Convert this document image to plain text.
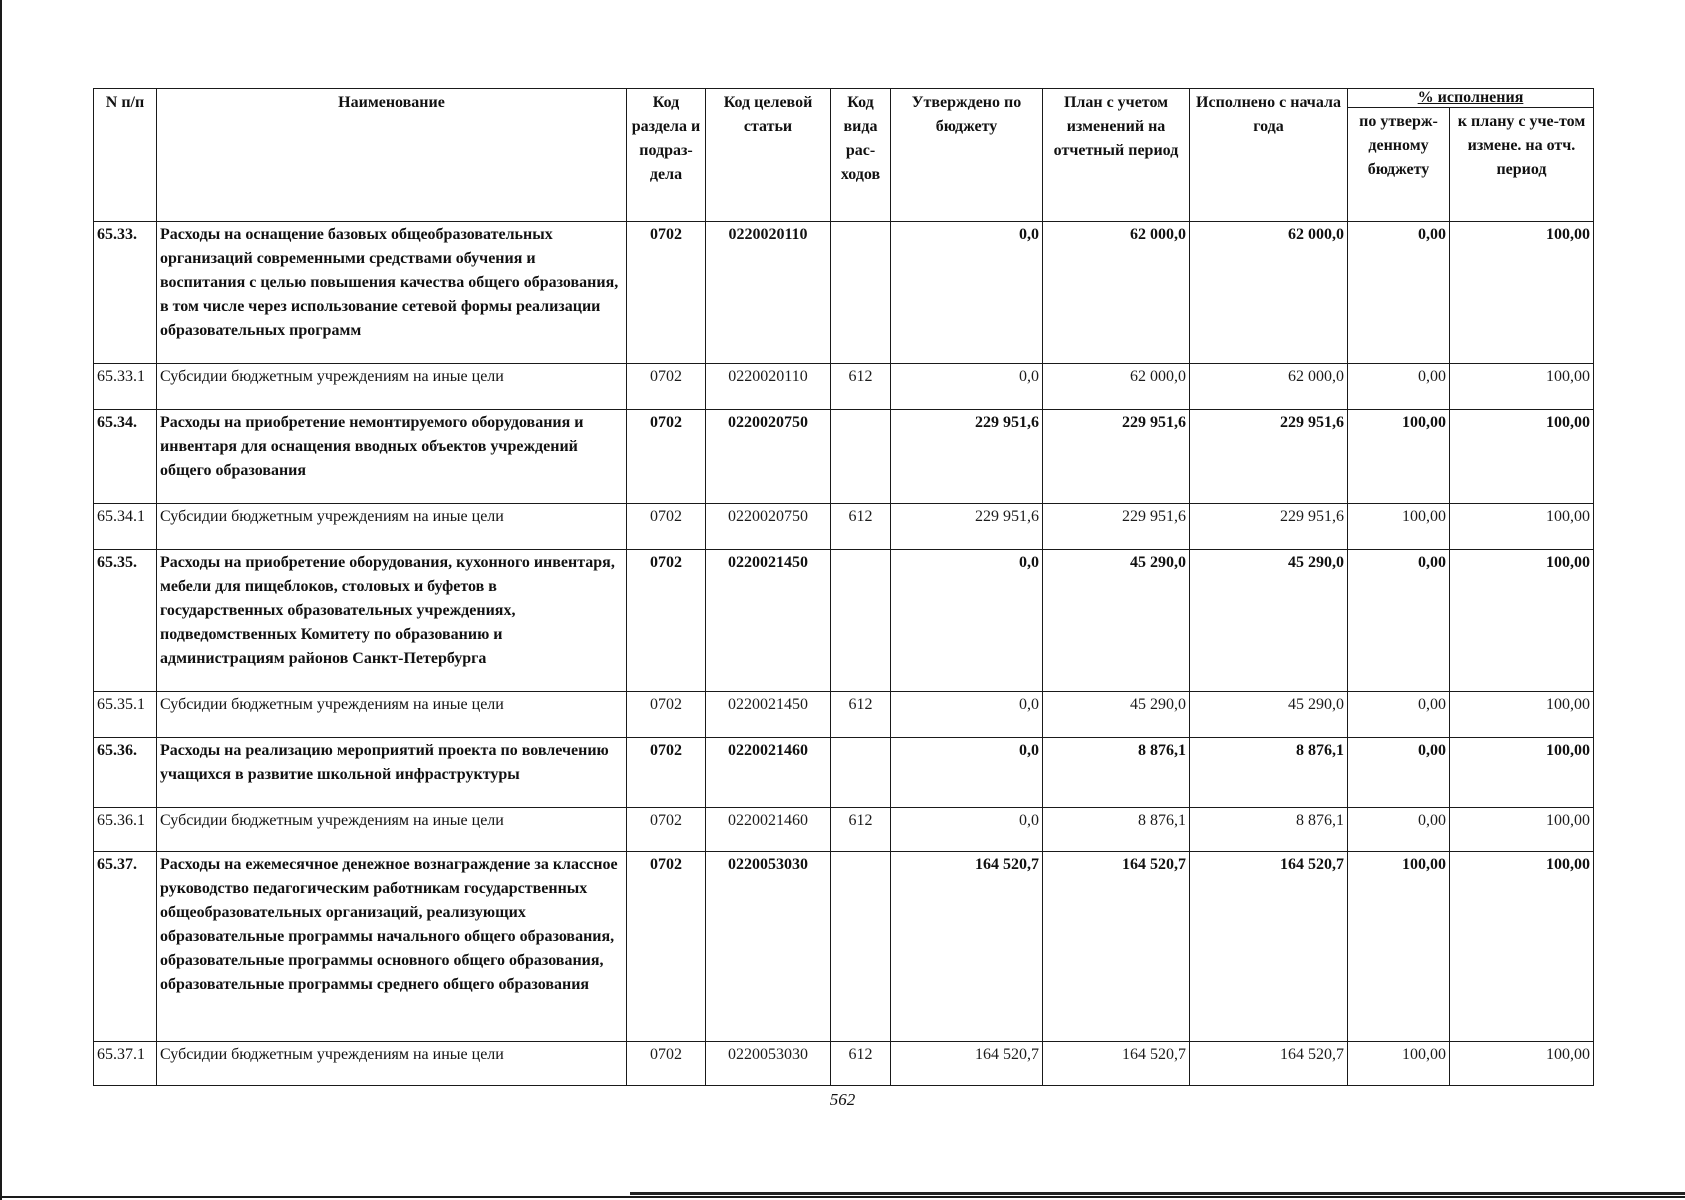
N п/п	Наименование	Код раздела и подраз-дела	Код целевой статьи	Код вида рас-ходов	Утверждено по бюджету	План с учетом изменений на отчетный период	Исполнено с начала года	% исполнения	
								по утверж-денному бюджету	к плану с уче-том измене. на отч. период
65.33.	Расходы на оснащение базовых общеобразовательных организаций современными средствами обучения и воспитания с целью повышения качества общего образования, в том числе через использование сетевой формы реализации образовательных программ	0702	0220020110		0,0	62 000,0	62 000,0	0,00	100,00
65.33.1	Субсидии бюджетным учреждениям на иные цели	0702	0220020110	612	0,0	62 000,0	62 000,0	0,00	100,00
65.34.	Расходы на приобретение немонтируемого оборудования и инвентаря для оснащения вводных объектов учреждений общего образования	0702	0220020750		229 951,6	229 951,6	229 951,6	100,00	100,00
65.34.1	Субсидии бюджетным учреждениям на иные цели	0702	0220020750	612	229 951,6	229 951,6	229 951,6	100,00	100,00
65.35.	Расходы на приобретение оборудования, кухонного инвентаря, мебели для пищеблоков, столовых и буфетов в государственных образовательных учреждениях, подведомственных Комитету по образованию и администрациям районов Санкт-Петербурга	0702	0220021450		0,0	45 290,0	45 290,0	0,00	100,00
65.35.1	Субсидии бюджетным учреждениям на иные цели	0702	0220021450	612	0,0	45 290,0	45 290,0	0,00	100,00
65.36.	Расходы на реализацию мероприятий проекта по вовлечению учащихся в развитие школьной инфраструктуры	0702	0220021460		0,0	8 876,1	8 876,1	0,00	100,00
65.36.1	Субсидии бюджетным учреждениям на иные цели	0702	0220021460	612	0,0	8 876,1	8 876,1	0,00	100,00
65.37.	Расходы на ежемесячное денежное вознаграждение за классное руководство педагогическим работникам государственных общеобразовательных организаций, реализующих образовательные программы начального общего образования, образовательные программы основного общего образования, образовательные программы среднего общего образования	0702	0220053030		164 520,7	164 520,7	164 520,7	100,00	100,00
65.37.1	Субсидии бюджетным учреждениям на иные цели	0702	0220053030	612	164 520,7	164 520,7	164 520,7	100,00	100,00
562
